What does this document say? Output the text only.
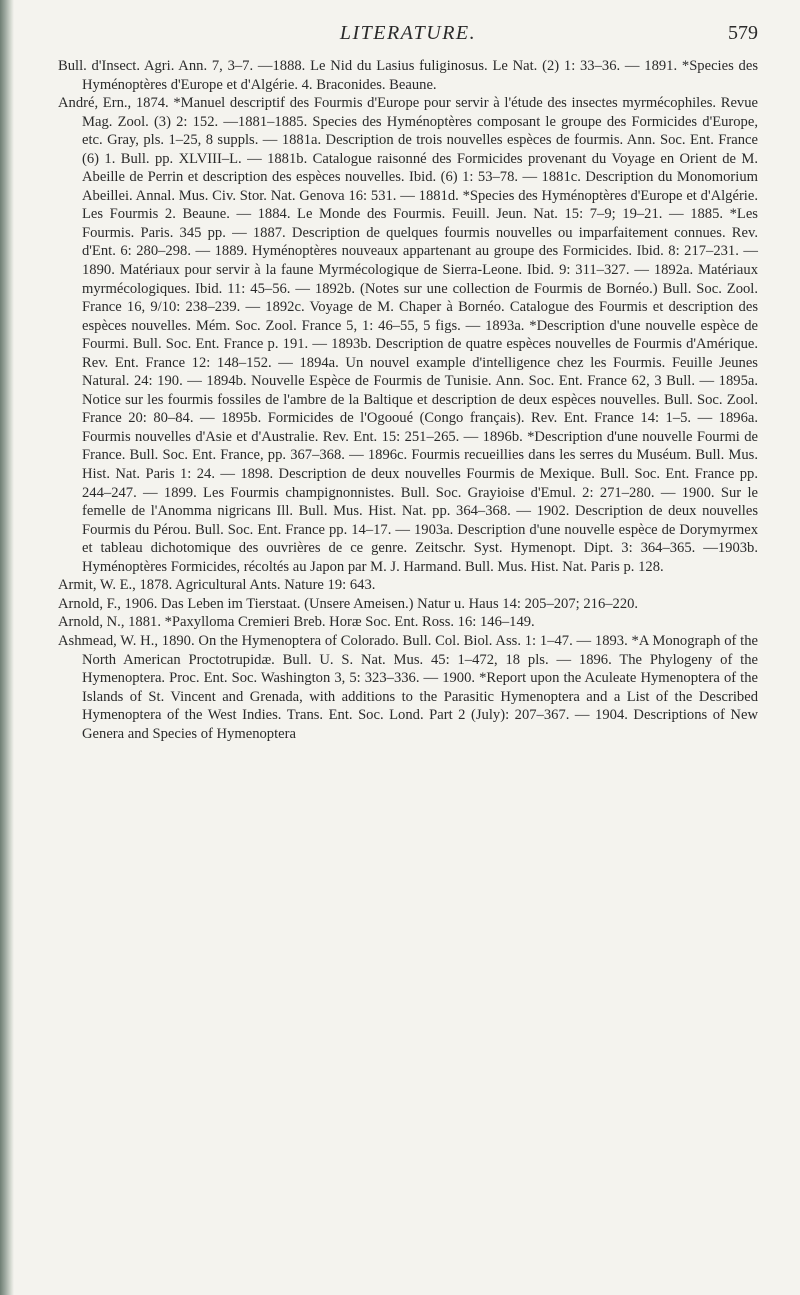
LITERATURE.	579

Bull. d'Insect. Agri. Ann. 7, 3–7. —1888. Le Nid du Lasius fuliginosus. Le Nat. (2) 1: 33–36. — 1891. *Species des Hyménoptères d'Europe et d'Algérie. 4. Braconides. Beaune.

André, Ern., 1874. *Manuel descriptif des Fourmis d'Europe pour servir à l'étude des insectes myrmécophiles. Revue Mag. Zool. (3) 2: 152. —1881–1885. Species des Hyménoptères composant le groupe des Formicides d'Europe, etc. Gray, pls. 1–25, 8 suppls. — 1881a. Description de trois nouvelles espèces de fourmis. Ann. Soc. Ent. France (6) 1. Bull. pp. XLVIII–L. — 1881b. Catalogue raisonné des Formicides provenant du Voyage en Orient de M. Abeille de Perrin et description des espèces nouvelles. Ibid. (6) 1: 53–78. — 1881c. Description du Monomorium Abeillei. Annal. Mus. Civ. Stor. Nat. Genova 16: 531. — 1881d. *Species des Hyménoptères d'Europe et d'Algérie. Les Fourmis 2. Beaune. — 1884. Le Monde des Fourmis. Feuill. Jeun. Nat. 15: 7–9; 19–21. — 1885. *Les Fourmis. Paris. 345 pp. — 1887. Description de quelques fourmis nouvelles ou imparfaitement connues. Rev. d'Ent. 6: 280–298. — 1889. Hyménoptères nouveaux appartenant au groupe des Formicides. Ibid. 8: 217–231. — 1890. Matériaux pour servir à la faune Myrmécologique de Sierra-Leone. Ibid. 9: 311–327. — 1892a. Matériaux myrmécologiques. Ibid. 11: 45–56. — 1892b. (Notes sur une collection de Fourmis de Bornéo.) Bull. Soc. Zool. France 16, 9/10: 238–239. — 1892c. Voyage de M. Chaper à Bornéo. Catalogue des Fourmis et description des espèces nouvelles. Mém. Soc. Zool. France 5, 1: 46–55, 5 figs. — 1893a. *Description d'une nouvelle espèce de Fourmi. Bull. Soc. Ent. France p. 191. — 1893b. Description de quatre espèces nouvelles de Fourmis d'Amérique. Rev. Ent. France 12: 148–152. — 1894a. Un nouvel example d'intelligence chez les Fourmis. Feuille Jeunes Natural. 24: 190. — 1894b. Nouvelle Espèce de Fourmis de Tunisie. Ann. Soc. Ent. France 62, 3 Bull. — 1895a. Notice sur les fourmis fossiles de l'ambre de la Baltique et description de deux espèces nouvelles. Bull. Soc. Zool. France 20: 80–84. — 1895b. Formicides de l'Ogooué (Congo français). Rev. Ent. France 14: 1–5. — 1896a. Fourmis nouvelles d'Asie et d'Australie. Rev. Ent. 15: 251–265. — 1896b. *Description d'une nouvelle Fourmi de France. Bull. Soc. Ent. France, pp. 367–368. — 1896c. Fourmis recueillies dans les serres du Muséum. Bull. Mus. Hist. Nat. Paris 1: 24. — 1898. Description de deux nouvelles Fourmis de Mexique. Bull. Soc. Ent. France pp. 244–247. — 1899. Les Fourmis champignonnistes. Bull. Soc. Grayioise d'Emul. 2: 271–280. — 1900. Sur le femelle de l'Anomma nigricans Ill. Bull. Mus. Hist. Nat. pp. 364–368. — 1902. Description de deux nouvelles Fourmis du Pérou. Bull. Soc. Ent. France pp. 14–17. — 1903a. Description d'une nouvelle espèce de Dorymyrmex et tableau dichotomique des ouvrières de ce genre. Zeitschr. Syst. Hymenopt. Dipt. 3: 364–365. —1903b. Hyménoptères Formicides, récoltés au Japon par M. J. Harmand. Bull. Mus. Hist. Nat. Paris p. 128.

Armit, W. E., 1878. Agricultural Ants. Nature 19: 643.

Arnold, F., 1906. Das Leben im Tierstaat. (Unsere Ameisen.) Natur u. Haus 14: 205–207; 216–220.

Arnold, N., 1881. *Paxylloma Cremieri Breb. Horæ Soc. Ent. Ross. 16: 146–149.

Ashmead, W. H., 1890. On the Hymenoptera of Colorado. Bull. Col. Biol. Ass. 1: 1–47. — 1893. *A Monograph of the North American Proctotrupidæ. Bull. U. S. Nat. Mus. 45: 1–472, 18 pls. — 1896. The Phylogeny of the Hymenoptera. Proc. Ent. Soc. Washington 3, 5: 323–336. — 1900. *Report upon the Aculeate Hymenoptera of the Islands of St. Vincent and Grenada, with additions to the Parasitic Hymenoptera and a List of the Described Hymenoptera of the West Indies. Trans. Ent. Soc. Lond. Part 2 (July): 207–367. — 1904. Descriptions of New Genera and Species of Hymenoptera
